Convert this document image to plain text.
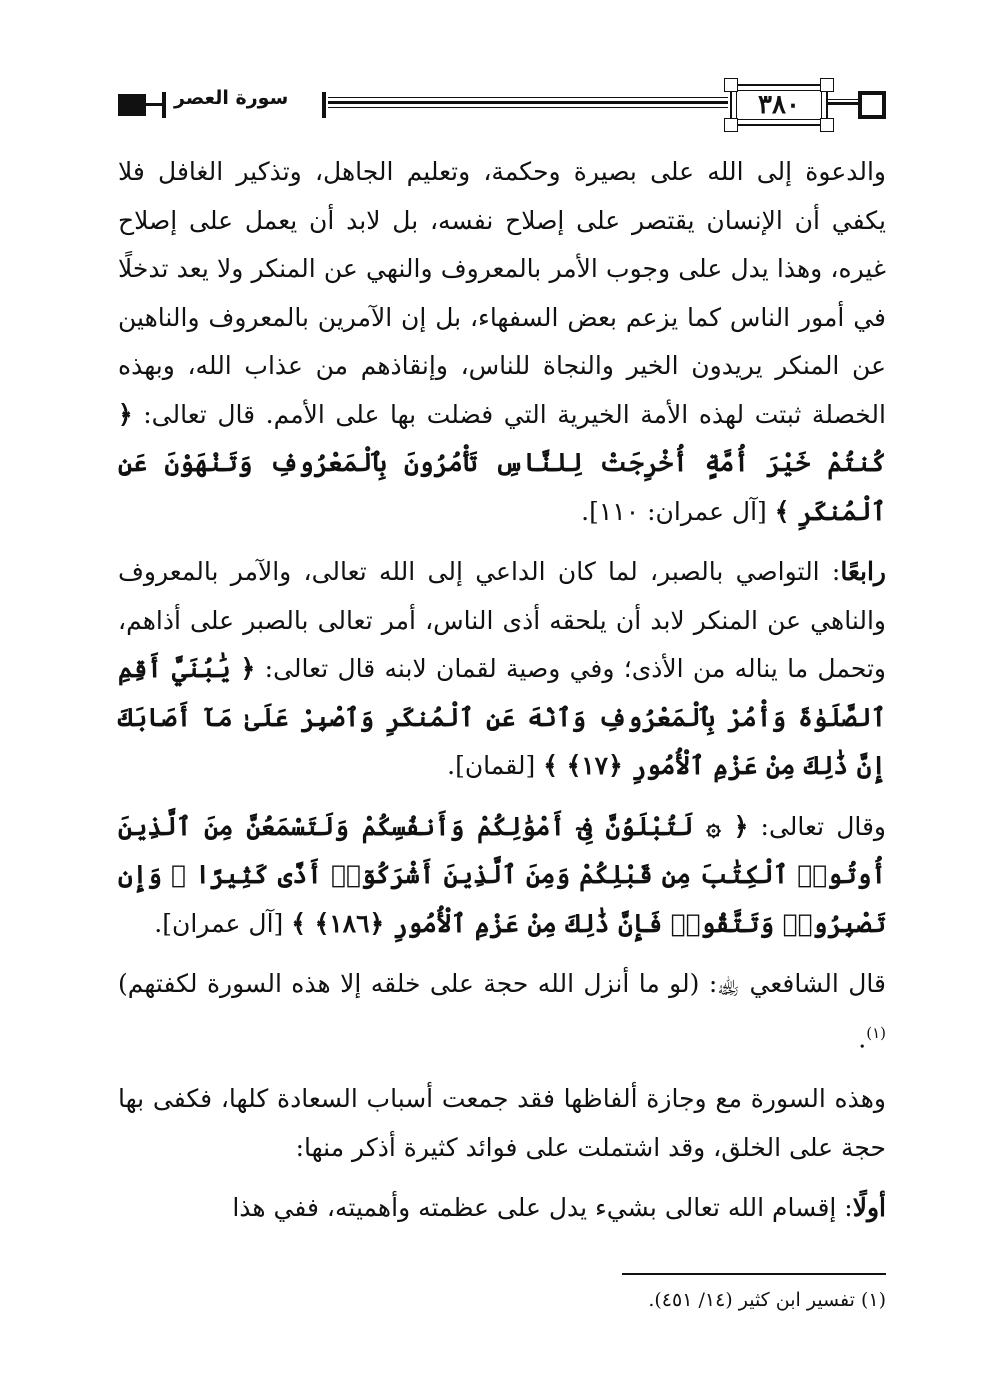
٣٨٠
سورة العصر

والدعوة إلى الله على بصيرة وحكمة، وتعليم الجاهل، وتذكير الغافل فلا يكفي أن الإنسان يقتصر على إصلاح نفسه، بل لابد أن يعمل على إصلاح غيره، وهذا يدل على وجوب الأمر بالمعروف والنهي عن المنكر ولا يعد تدخلًا في أمور الناس كما يزعم بعض السفهاء، بل إن الآمرين بالمعروف والناهين عن المنكر يريدون الخير والنجاة للناس، وإنقاذهم من عذاب الله، وبهذه الخصلة ثبتت لهذه الأمة الخيرية التي فضلت بها على الأمم. قال تعالى: ﴿ كُنتُمْ خَيْرَ أُمَّةٍ أُخْرِجَتْ لِلنَّاسِ تَأْمُرُونَ بِٱلْمَعْرُوفِ وَتَنْهَوْنَ عَنِ ٱلْمُنكَرِ ﴾ [آل عمران: ١١٠].

رابعًا: التواصي بالصبر، لما كان الداعي إلى الله تعالى، والآمر بالمعروف والناهي عن المنكر لابد أن يلحقه أذى الناس، أمر تعالى بالصبر على أذاهم، وتحمل ما يناله من الأذى؛ وفي وصية لقمان لابنه قال تعالى: ﴿ يَٰبُنَيَّ أَقِمِ ٱلصَّلَوٰةَ وَأْمُرْ بِٱلْمَعْرُوفِ وَٱنْهَ عَنِ ٱلْمُنكَرِ وَٱصْبِرْ عَلَىٰ مَآ أَصَابَكَ إِنَّ ذَٰلِكَ مِنْ عَزْمِ ٱلْأُمُورِ ﴿١٧﴾ ﴾ [لقمان].

وقال تعالى: ﴿ ۞ لَتُبْلَوُنَّ فِىٓ أَمْوَٰلِكُمْ وَأَنفُسِكُمْ وَلَتَسْمَعُنَّ مِنَ ٱلَّذِينَ أُوتُوا۟ ٱلْكِتَٰبَ مِن قَبْلِكُمْ وَمِنَ ٱلَّذِينَ أَشْرَكُوٓا۟ أَذًى كَثِيرًا ۚ وَإِن تَصْبِرُوا۟ وَتَتَّقُوا۟ فَإِنَّ ذَٰلِكَ مِنْ عَزْمِ ٱلْأُمُورِ ﴿١٨٦﴾ ﴾ [آل عمران].

قال الشافعي ﵀: (لو ما أنزل الله حجة على خلقه إلا هذه السورة لكفتهم)$^{(١)}$.

وهذه السورة مع وجازة ألفاظها فقد جمعت أسباب السعادة كلها، فكفى بها حجة على الخلق، وقد اشتملت على فوائد كثيرة أذكر منها:

أولًا: إقسام الله تعالى بشيء يدل على عظمته وأهميته، ففي هذا

(١) تفسير ابن كثير (١٤/ ٤٥١).
